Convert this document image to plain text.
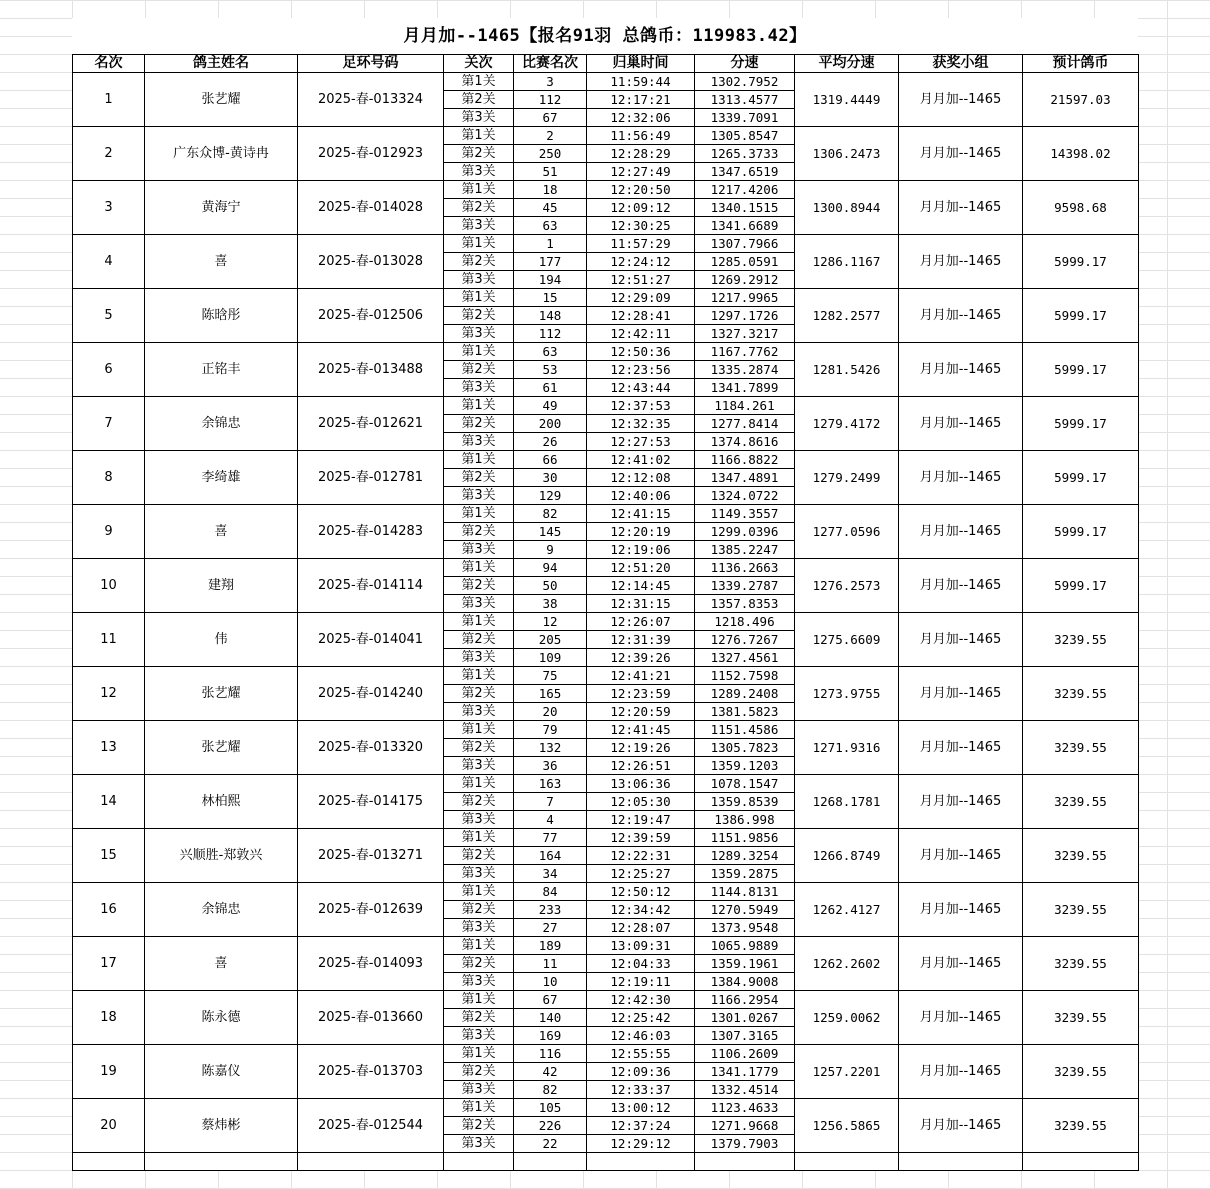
月月加--1465【报名91羽 总鸽币：119983.42】
名次	鸽主姓名	足环号码	关次	比赛名次	归巢时间	分速	平均分速	获奖小组	预计鸽币
1	张艺耀	2025-春-013324	第1关	3	11:59:44	1302.7952	1319.4449	月月加--1465	21597.03
			第2关	112	12:17:21	1313.4577			
			第3关	67	12:32:06	1339.7091			
2	广东众博-黄诗冉	2025-春-012923	第1关	2	11:56:49	1305.8547	1306.2473	月月加--1465	14398.02
			第2关	250	12:28:29	1265.3733			
			第3关	51	12:27:49	1347.6519			
3	黄海宁	2025-春-014028	第1关	18	12:20:50	1217.4206	1300.8944	月月加--1465	9598.68
			第2关	45	12:09:12	1340.1515			
			第3关	63	12:30:25	1341.6689			
4	喜	2025-春-013028	第1关	1	11:57:29	1307.7966	1286.1167	月月加--1465	5999.17
			第2关	177	12:24:12	1285.0591			
			第3关	194	12:51:27	1269.2912			
5	陈晗彤	2025-春-012506	第1关	15	12:29:09	1217.9965	1282.2577	月月加--1465	5999.17
			第2关	148	12:28:41	1297.1726			
			第3关	112	12:42:11	1327.3217			
6	正铭丰	2025-春-013488	第1关	63	12:50:36	1167.7762	1281.5426	月月加--1465	5999.17
			第2关	53	12:23:56	1335.2874			
			第3关	61	12:43:44	1341.7899			
7	余锦忠	2025-春-012621	第1关	49	12:37:53	1184.261	1279.4172	月月加--1465	5999.17
			第2关	200	12:32:35	1277.8414			
			第3关	26	12:27:53	1374.8616			
8	李绮雄	2025-春-012781	第1关	66	12:41:02	1166.8822	1279.2499	月月加--1465	5999.17
			第2关	30	12:12:08	1347.4891			
			第3关	129	12:40:06	1324.0722			
9	喜	2025-春-014283	第1关	82	12:41:15	1149.3557	1277.0596	月月加--1465	5999.17
			第2关	145	12:20:19	1299.0396			
			第3关	9	12:19:06	1385.2247			
10	建翔	2025-春-014114	第1关	94	12:51:20	1136.2663	1276.2573	月月加--1465	5999.17
			第2关	50	12:14:45	1339.2787			
			第3关	38	12:31:15	1357.8353			
11	伟	2025-春-014041	第1关	12	12:26:07	1218.496	1275.6609	月月加--1465	3239.55
			第2关	205	12:31:39	1276.7267			
			第3关	109	12:39:26	1327.4561			
12	张艺耀	2025-春-014240	第1关	75	12:41:21	1152.7598	1273.9755	月月加--1465	3239.55
			第2关	165	12:23:59	1289.2408			
			第3关	20	12:20:59	1381.5823			
13	张艺耀	2025-春-013320	第1关	79	12:41:45	1151.4586	1271.9316	月月加--1465	3239.55
			第2关	132	12:19:26	1305.7823			
			第3关	36	12:26:51	1359.1203			
14	林柏熙	2025-春-014175	第1关	163	13:06:36	1078.1547	1268.1781	月月加--1465	3239.55
			第2关	7	12:05:30	1359.8539			
			第3关	4	12:19:47	1386.998			
15	兴顺胜-郑敦兴	2025-春-013271	第1关	77	12:39:59	1151.9856	1266.8749	月月加--1465	3239.55
			第2关	164	12:22:31	1289.3254			
			第3关	34	12:25:27	1359.2875			
16	余锦忠	2025-春-012639	第1关	84	12:50:12	1144.8131	1262.4127	月月加--1465	3239.55
			第2关	233	12:34:42	1270.5949			
			第3关	27	12:28:07	1373.9548			
17	喜	2025-春-014093	第1关	189	13:09:31	1065.9889	1262.2602	月月加--1465	3239.55
			第2关	11	12:04:33	1359.1961			
			第3关	10	12:19:11	1384.9008			
18	陈永德	2025-春-013660	第1关	67	12:42:30	1166.2954	1259.0062	月月加--1465	3239.55
			第2关	140	12:25:42	1301.0267			
			第3关	169	12:46:03	1307.3165			
19	陈嘉仪	2025-春-013703	第1关	116	12:55:55	1106.2609	1257.2201	月月加--1465	3239.55
			第2关	42	12:09:36	1341.1779			
			第3关	82	12:33:37	1332.4514			
20	蔡炜彬	2025-春-012544	第1关	105	13:00:12	1123.4633	1256.5865	月月加--1465	3239.55
			第2关	226	12:37:24	1271.9668			
			第3关	22	12:29:12	1379.7903			
